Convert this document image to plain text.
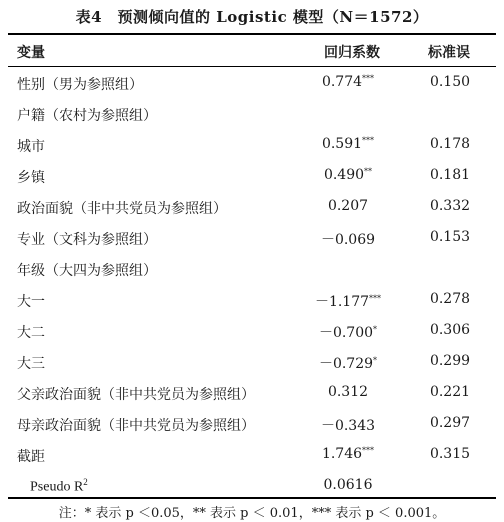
表4　预测倾向值的 Logistic 模型（N＝1572）
变量	回归系数	标准误
性别（男为参照组）	0.774***	0.150
户籍（农村为参照组）
城市	0.591***	0.178
乡镇	0.490**	0.181
政治面貌（非中共党员为参照组）	0.207	0.332
专业（文科为参照组）	－0.069	0.153
年级（大四为参照组）
大一	－1.177***	0.278
大二	－0.700*	0.306
大三	－0.729*	0.299
父亲政治面貌（非中共党员为参照组）	0.312	0.221
母亲政治面貌（非中共党员为参照组）	－0.343	0.297
截距	1.746***	0.315
Pseudo $R^2$	0.0616
注：* 表示 p ＜0.05，** 表示 p ＜ 0.01，*** 表示 p ＜ 0.001。
